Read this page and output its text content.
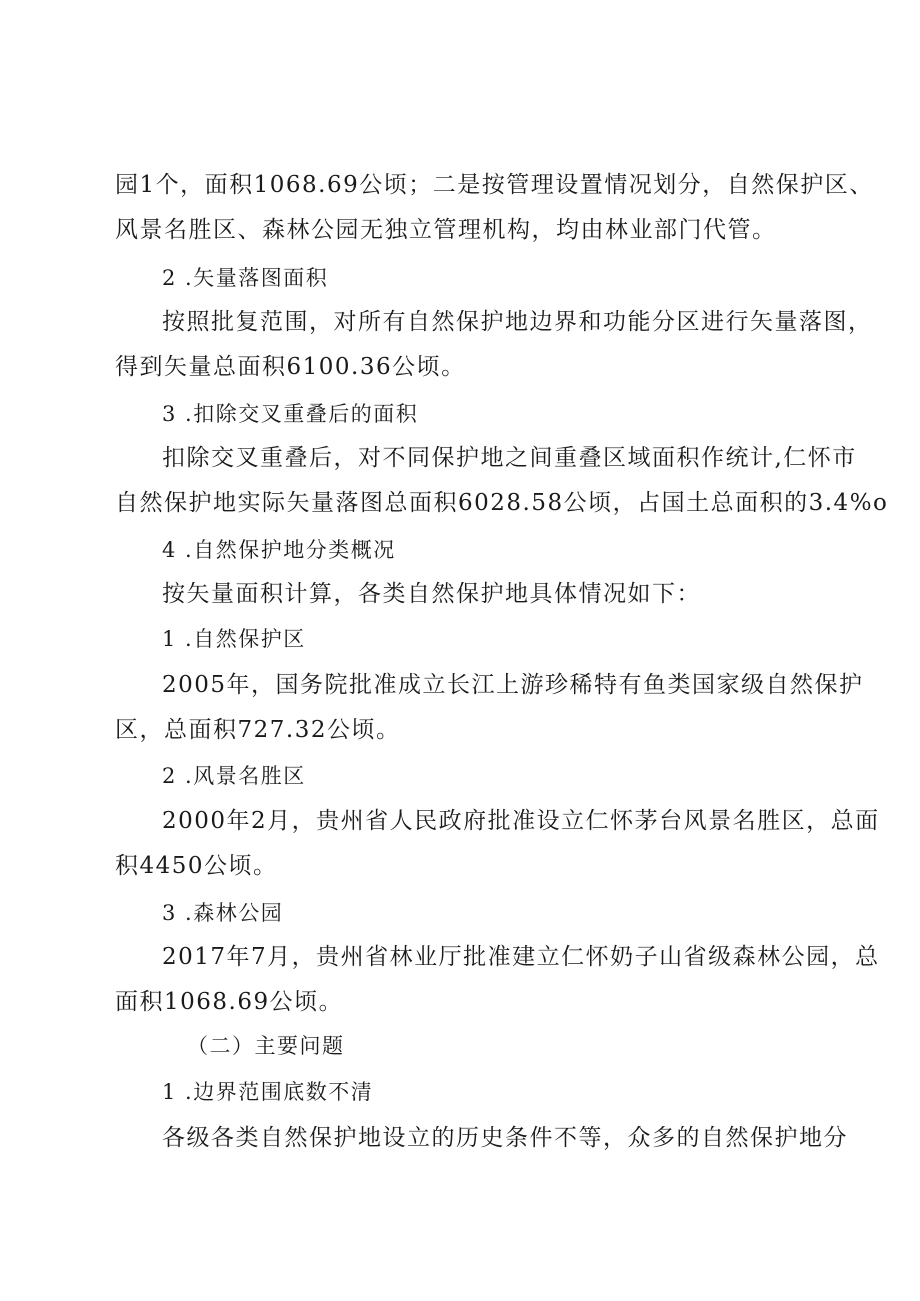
园1个，面积1068.69公顷；二是按管理设置情况划分，自然保护区、
风景名胜区、森林公园无独立管理机构，均由林业部门代管。
2 .矢量落图面积
按照批复范围，对所有自然保护地边界和功能分区进行矢量落图，
得到矢量总面积6100.36公顷。
3 .扣除交叉重叠后的面积
扣除交叉重叠后，对不同保护地之间重叠区域面积作统计,仁怀市
自然保护地实际矢量落图总面积6028.58公顷，占国土总面积的3.4%o
4 .自然保护地分类概况
按矢量面积计算，各类自然保护地具体情况如下：
1 .自然保护区
2005年，国务院批准成立长江上游珍稀特有鱼类国家级自然保护
区，总面积727.32公顷。
2 .风景名胜区
2000年2月，贵州省人民政府批准设立仁怀茅台风景名胜区，总面
积4450公顷。
3 .森林公园
2017年7月，贵州省林业厅批准建立仁怀奶子山省级森林公园，总
面积1068.69公顷。
（二）主要问题
1 .边界范围底数不清
各级各类自然保护地设立的历史条件不等，众多的自然保护地分
